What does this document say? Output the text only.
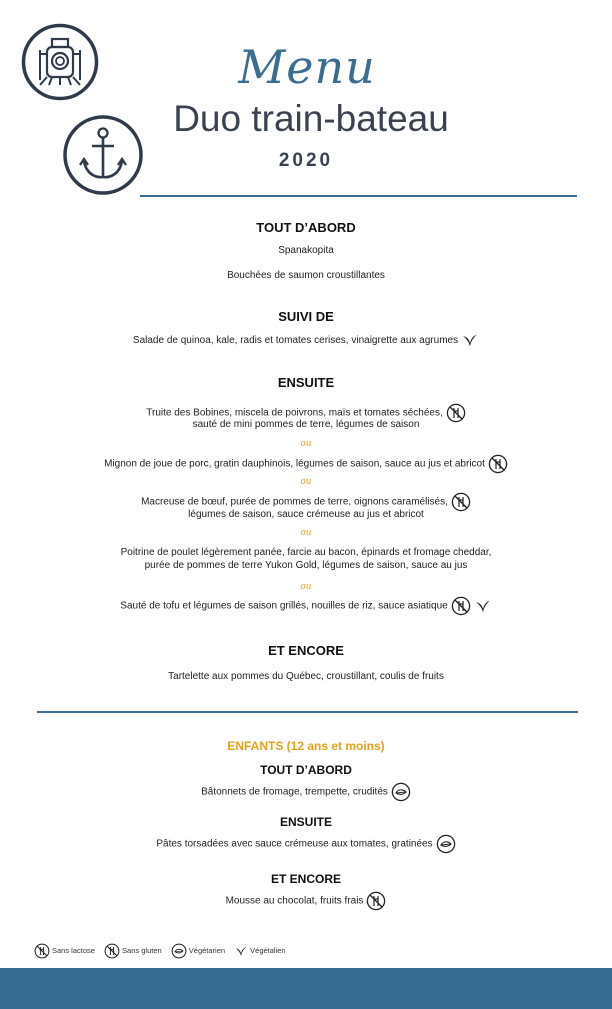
Menu
Duo train-bateau
2020
TOUT D’ABORD
Spanakopita
Bouchées de saumon croustillantes
SUIVI DE
Salade de quinoa, kale, radis et tomates cerises, vinaigrette aux agrumes
ENSUITE
Truite des Bobines, miscela de poivrons, maïs et tomates séchées,
sauté de mini pommes de terre, légumes de saison
ou
Mignon de joue de porc, gratin dauphinois, légumes de saison, sauce au jus et abricot
ou
Macreuse de bœuf, purée de pommes de terre, oignons caramélisés,
légumes de saison, sauce crémeuse au jus et abricot
ou
Poitrine de poulet légèrement panée, farcie au bacon, épinards et fromage cheddar,
purée de pommes de terre Yukon Gold, légumes de saison, sauce au jus
ou
Sauté de tofu et légumes de saison grillés, nouilles de riz, sauce asiatique
ET ENCORE
Tartelette aux pommes du Québec, croustillant, coulis de fruits
ENFANTS (12 ans et moins)
TOUT D’ABORD
Bâtonnets de fromage, trempette, crudités
ENSUITE
Pâtes torsadées avec sauce crémeuse aux tomates, gratinées
ET ENCORE
Mousse au chocolat, fruits frais
Sans lactose	Sans gluten	Végétarien	Végétalien
